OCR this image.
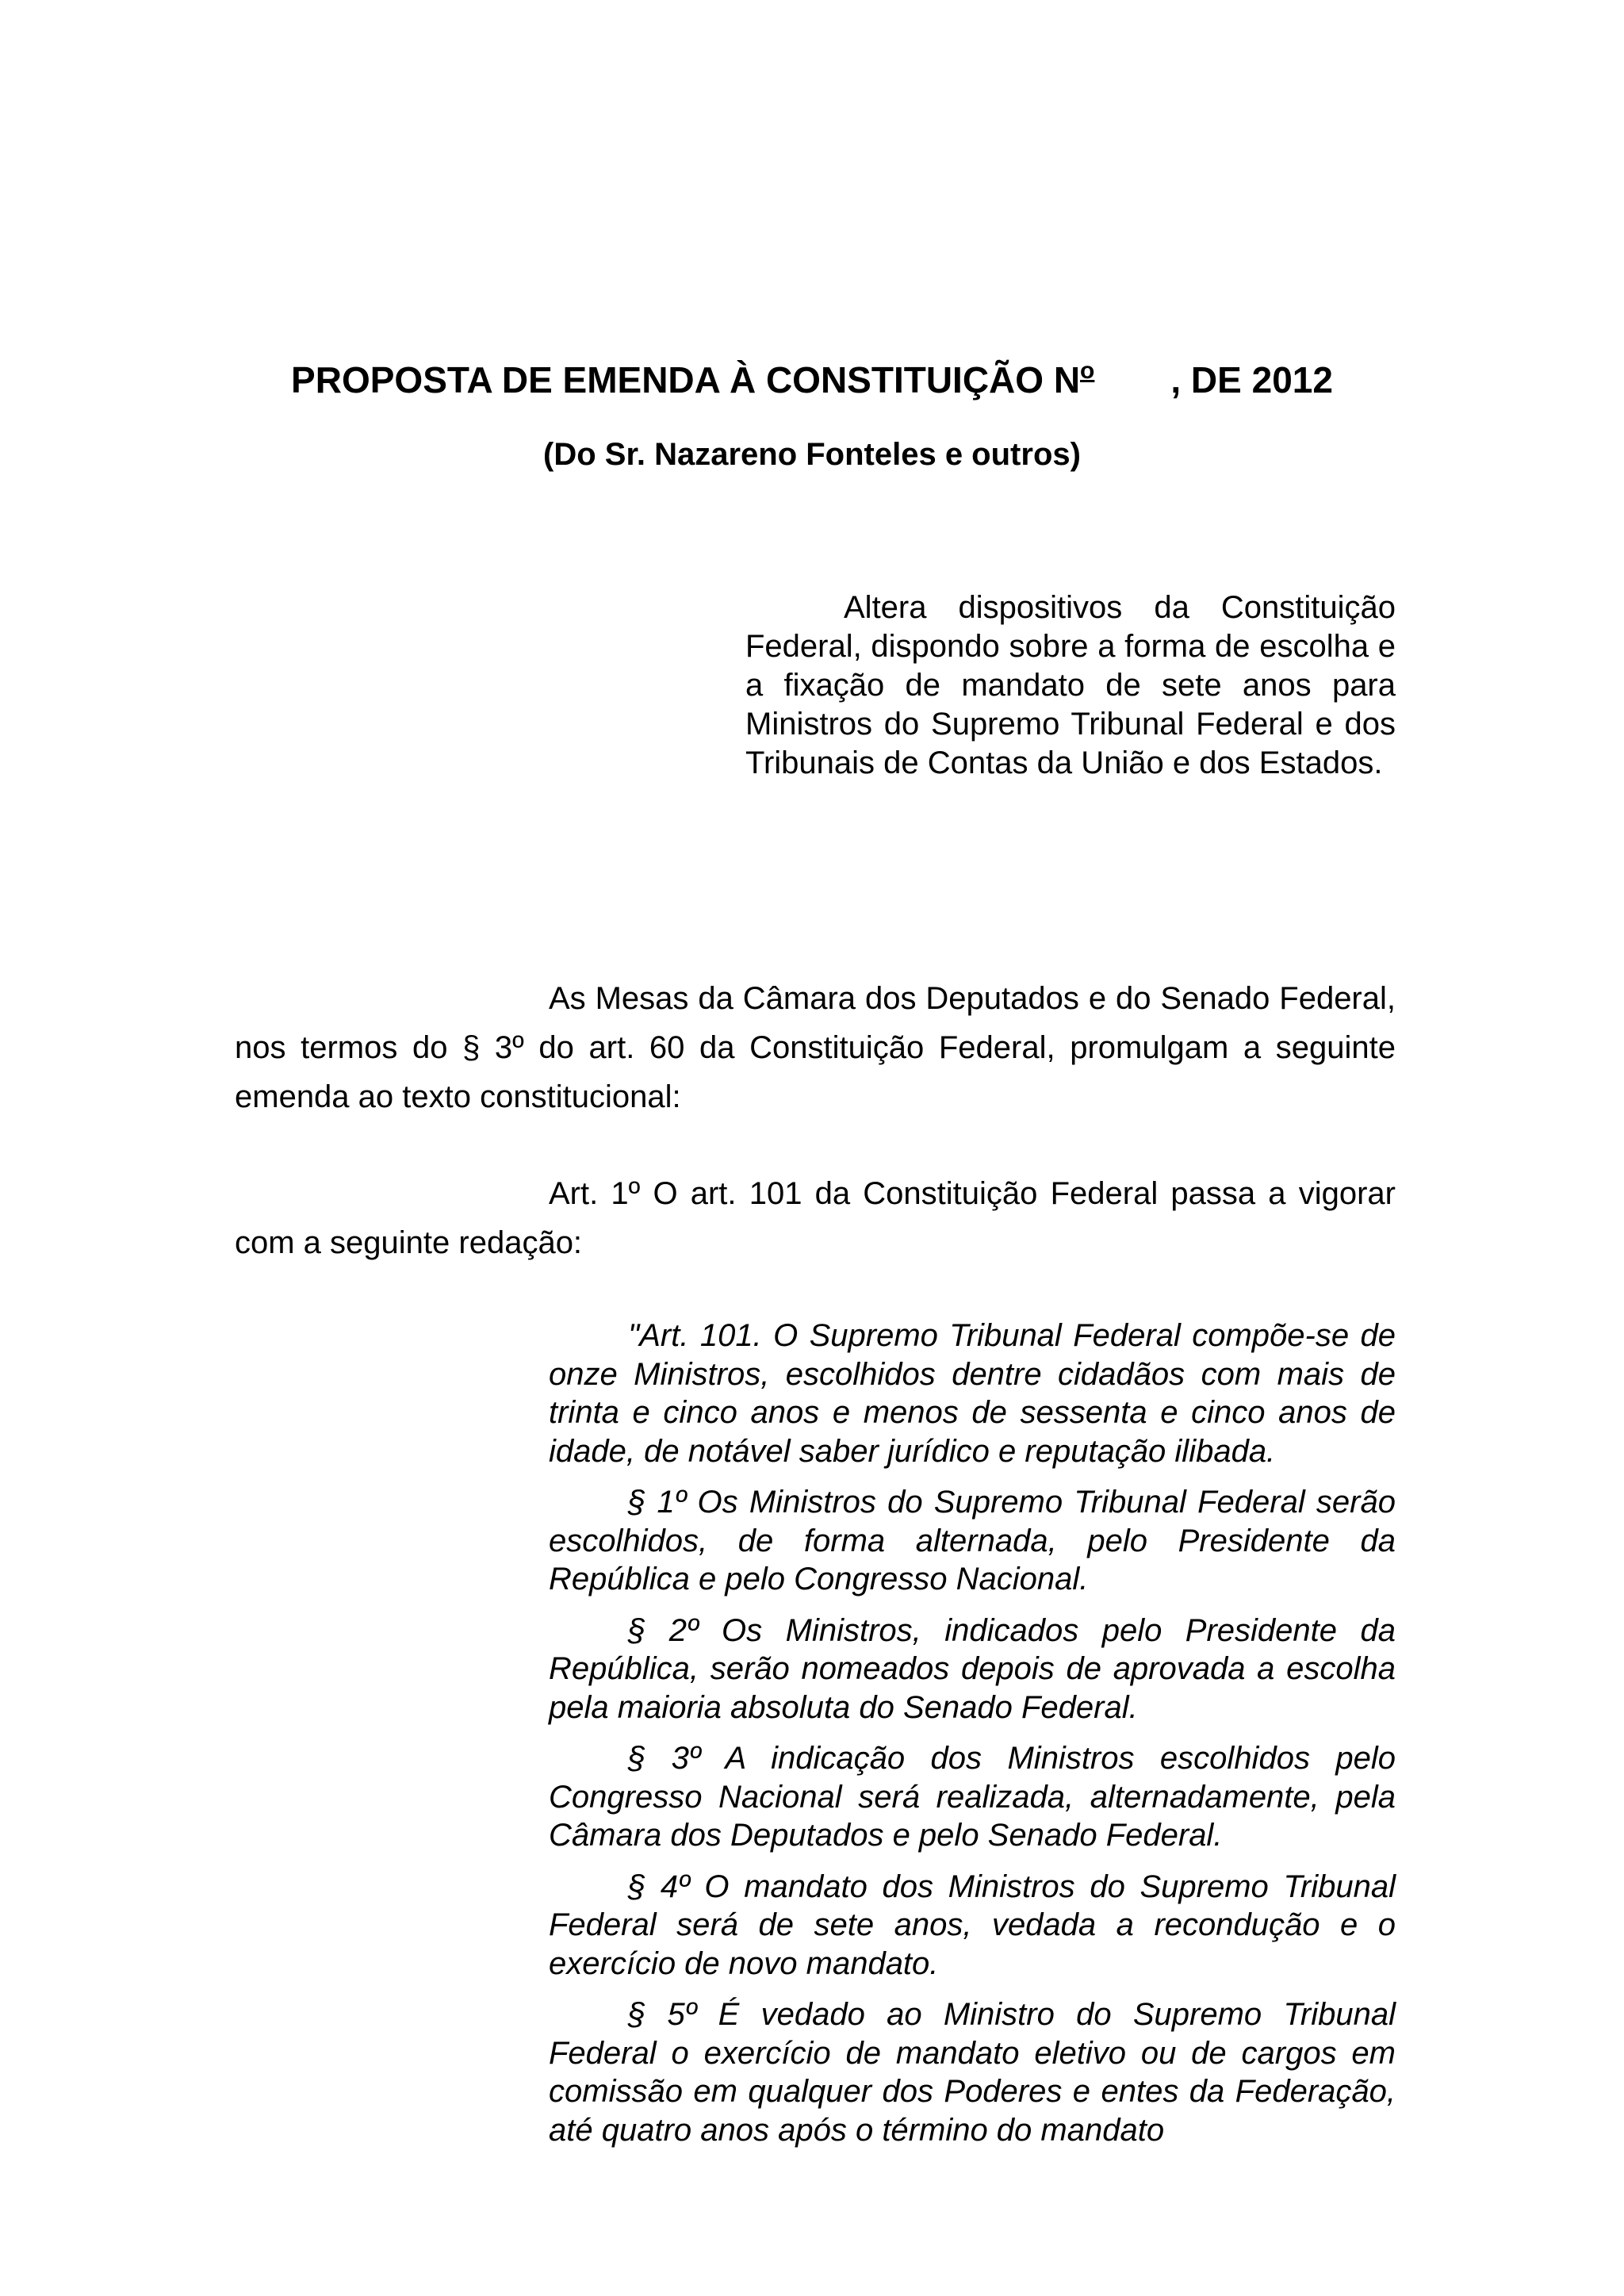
PROPOSTA DE EMENDA À CONSTITUIÇÃO $N^o$ , DE 2012
(Do Sr. Nazareno Fonteles e outros)
Altera dispositivos da Constituição Federal, dispondo sobre a forma de escolha e a fixação de mandato de sete anos para Ministros do Supremo Tribunal Federal e dos Tribunais de Contas da União e dos Estados.
As Mesas da Câmara dos Deputados e do Senado Federal, nos termos do § 3º do art. 60 da Constituição Federal, promulgam a seguinte emenda ao texto constitucional:
Art. 1º O art. 101 da Constituição Federal passa a vigorar com a seguinte redação:

"Art. 101. O Supremo Tribunal Federal compõe-se de onze Ministros, escolhidos dentre cidadãos com mais de trinta e cinco anos e menos de sessenta e cinco anos de idade, de notável saber jurídico e reputação ilibada.

§ 1º Os Ministros do Supremo Tribunal Federal serão escolhidos, de forma alternada, pelo Presidente da República e pelo Congresso Nacional.

§ 2º Os Ministros, indicados pelo Presidente da República, serão nomeados depois de aprovada a escolha pela maioria absoluta do Senado Federal.

§ 3º A indicação dos Ministros escolhidos pelo Congresso Nacional será realizada, alternadamente, pela Câmara dos Deputados e pelo Senado Federal.

§ 4º O mandato dos Ministros do Supremo Tribunal Federal será de sete anos, vedada a recondução e o exercício de novo mandato.

§ 5º É vedado ao Ministro do Supremo Tribunal Federal o exercício de mandato eletivo ou de cargos em comissão em qualquer dos Poderes e entes da Federação, até quatro anos após o término do mandato
